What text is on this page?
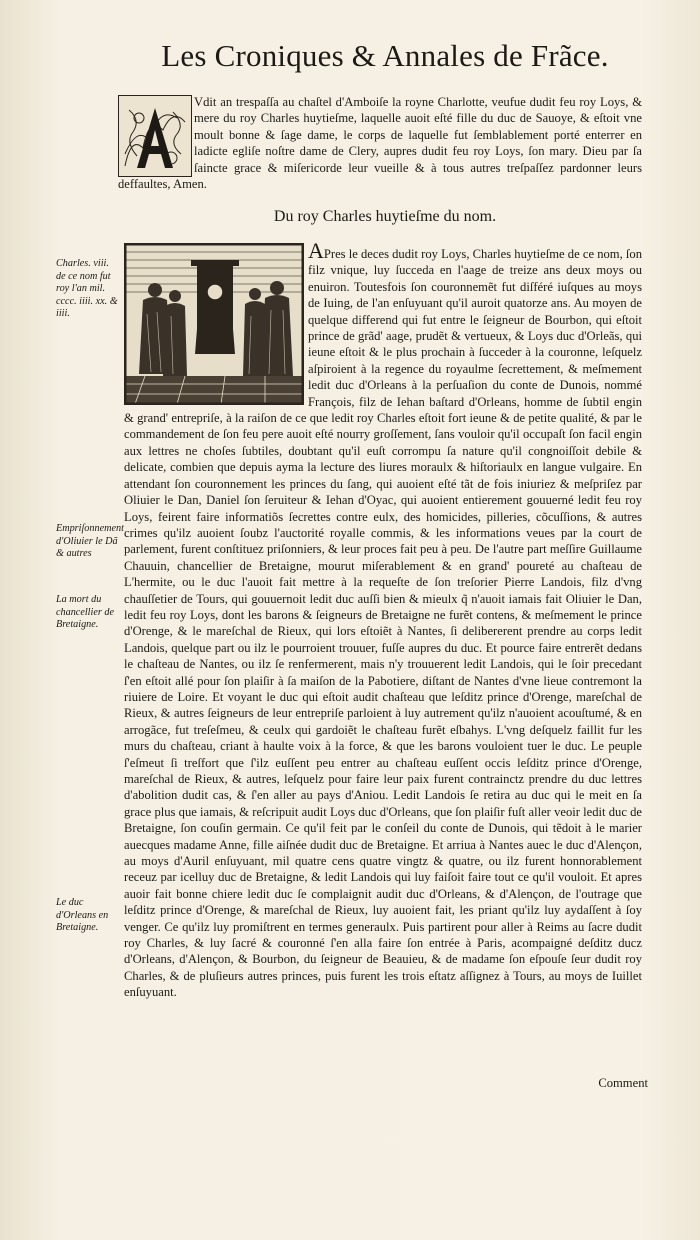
Les Croniques & Annales de Frãce.
Vdit an trespaſſa au chaſtel d'Amboiſe la royne Charlotte, veufue dudit feu roy Loys, & mere du roy Charles huytieſme, laquelle auoit eſté fille du duc de Sauoye, & eſtoit vne moult bonne & ſage dame, le corps de laquelle fut ſemblablement porté enterrer en ladicte egliſe noſtre dame de Clery, aupres dudit feu roy Loys, ſon mary. Dieu par ſa ſaincte grace & miſericorde leur vueille & à tous autres treſpaſſez pardonner leurs deffaultes, Amen.
Du roy Charles huytieſme du nom.
APres le deces dudit roy Loys, Charles huytieſme de ce nom, ſon filz vnique, luy ſucceda en l'aage de treize ans deux moys ou enuiron. Toutesfois ſon couronnemẽt fut diſféré iuſques au moys de Iuing, de l'an enſuyuant qu'il auroit quatorze ans. Au moyen de quelque differend qui fut entre le ſeigneur de Bourbon, qui eſtoit prince de grãd' aage, prudẽt & vertueux, & Loys duc d'Orleãs, qui ieune eſtoit & le plus prochain à ſucceder à la couronne, leſquelz aſpiroient à la regence du royaulme ſecrettement, & meſmement ledit duc d'Orleans à la perſuaſion du conte de Dunois, nommé François, filz de Iehan baſtard d'Orleans, homme de ſubtil engin & grand' entrepriſe, à la raiſon de ce que ledit roy Charles eſtoit fort ieune & de petite qualité, & par le commandement de ſon feu pere auoit eſté nourry groſſement, ſans vouloir qu'il occupaſt ſon facil engin aux lettres ne choſes ſubtiles, doubtant qu'il euſt corrompu ſa nature qu'il congnoiſſoit debile & delicate, combien que depuis ayma la lecture des liures moraulx & hiſtoriaulx en langue vulgaire. En attendant ſon couronnement les princes du ſang, qui auoient eſté tãt de fois iniuriez & meſpriſez par Oliuier le Dan, Daniel ſon ſeruiteur & Iehan d'Oyac, qui auoient entierement gouuerné ledit feu roy Loys, feirent faire informatiõs ſecrettes contre eulx, des homicides, pilleries, cõcuſſions, & autres crimes qu'ilz auoient ſoubz l'auctorité royalle commis, & les informations veues par la court de parlement, furent conſtituez priſonniers, & leur proces fait peu à peu. De l'autre part meſſire Guillaume Chauuin, chancellier de Bretaigne, mourut miſerablement & en grand' poureté au chaſteau de L'hermite, ou le duc l'auoit fait mettre à la requeſte de ſon treſorier Pierre Landois, filz d'vng chauſſetier de Tours, qui gouuernoit ledit duc auſſi bien & mieulx q̃ n'auoit iamais fait Oliuier le Dan, ledit feu roy Loys, dont les barons & ſeigneurs de Bretaigne ne furẽt contens, & meſmement le prince d'Orenge, & le mareſchal de Rieux, qui lors eſtoiẽt à Nantes, ſi delibererent prendre au corps ledit Landois, quelque part ou ilz le pourroient trouuer, fuſſe aupres du duc. Et pource faire entrerẽt dedans le chaſteau de Nantes, ou ilz ſe renfermerent, mais n'y trouuerent ledit Landois, qui le ſoir precedant ſ'en eſtoit allé pour ſon plaiſir à ſa maiſon de la Pabotiere, diſtant de Nantes d'vne lieue contremont la riuiere de Loire. Et voyant le duc qui eſtoit audit chaſteau que leſditz prince d'Orenge, mareſchal de Rieux, & autres ſeigneurs de leur entrepriſe parloient à luy autrement qu'ilz n'auoient acouſtumé, & en arrogãce, fut treſeſmeu, & ceulx qui gardoiẽt le chaſteau furẽt eſbahys. L'vng deſquelz faillit fur les murs du chaſteau, criant à haulte voix à la force, & que les barons vouloient tuer le duc. Le peuple ſ'eſmeut ſi treſfort que ſ'ilz euſſent peu entrer au chaſteau euſſent occis leſditz prince d'Orenge, mareſchal de Rieux, & autres, leſquelz pour faire leur paix furent contrainctz prendre du duc lettres d'abolition dudit cas, & ſ'en aller au pays d'Aniou. Ledit Landois ſe retira au duc qui le meit en ſa grace plus que iamais, & reſcripuit audit Loys duc d'Orleans, que ſon plaiſir fuſt aller veoir ledit duc de Bretaigne, ſon couſin germain. Ce qu'il feit par le conſeil du conte de Dunois, qui tẽdoit à le marier auecques madame Anne, fille aiſnée dudit duc de Bretaigne. Et arriua à Nantes auec le duc d'Alençon, au moys d'Auril enſuyuant, mil quatre cens quatre vingtz & quatre, ou ilz furent honnorablement receuz par icelluy duc de Bretaigne, & ledit Landois qui luy faiſoit faire tout ce qu'il vouloit. Et apres auoir fait bonne chiere ledit duc ſe complaignit audit duc d'Orleans, & d'Alençon, de l'outrage que leſditz prince d'Orenge, & mareſchal de Rieux, luy auoient fait, les priant qu'ilz luy aydaſſent à ſoy venger. Ce qu'ilz luy promiſtrent en termes generaulx. Puis partirent pour aller à Reims au ſacre dudit roy Charles, & luy ſacré & couronné ſ'en alla faire ſon entrée à Paris, acompaigné deſditz ducz d'Orleans, d'Alençon, & Bourbon, du ſeigneur de Beauieu, & de madame ſon eſpouſe ſeur dudit roy Charles, & de pluſieurs autres princes, puis furent les trois eſtatz aſſignez à Tours, au moys de Iuillet enſuyuant.
Charles. viii. de ce nom fut roy l'an mil. cccc. iiii. xx. & iiii.
Empriſonnement d'Oliuier le Dã & autres
La mort du chancellier de Bretaigne.
Le duc d'Orleans en Bretaigne.
Comment
